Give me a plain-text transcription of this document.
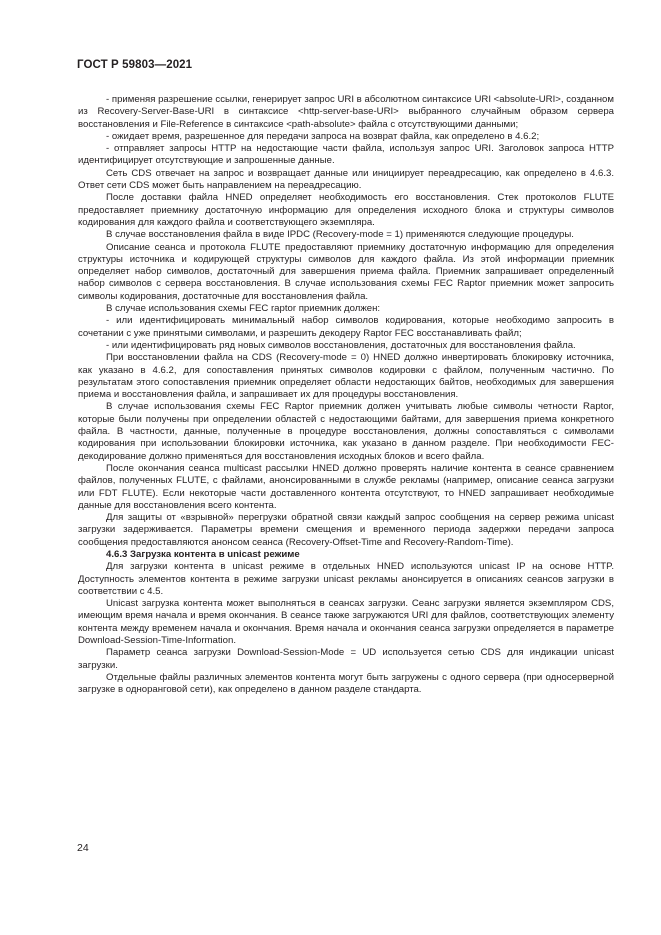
ГОСТ Р 59803—2021

- применяя разрешение ссылки, генерирует запрос URI в абсолютном синтаксисе URI <absolute-URI>, созданном из Recovery-Server-Base-URI в синтаксисе <http-server-base-URI> выбранного случайным образом сервера восстановления и File-Reference в синтаксисе <path-absolute> файла с отсутствующими данными;

- ожидает время, разрешенное для передачи запроса на возврат файла, как определено в 4.6.2;

- отправляет запросы HTTP на недостающие части файла, используя запрос URI. Заголовок запроса HTTP идентифицирует отсутствующие и запрошенные данные.

Сеть CDS отвечает на запрос и возвращает данные или инициирует переадресацию, как определено в 4.6.3. Ответ сети CDS может быть направлением на переадресацию.

После доставки файла HNED определяет необходимость его восстановления. Стек протоколов FLUTE предоставляет приемнику достаточную информацию для определения исходного блока и структуры символов кодирования для каждого файла и соответствующего экземпляра.

В случае восстановления файла в виде IPDC (Recovery-mode = 1) применяются следующие процедуры.

Описание сеанса и протокола FLUTE предоставляют приемнику достаточную информацию для определения структуры источника и кодирующей структуры символов для каждого файла. Из этой информации приемник определяет набор символов, достаточный для завершения приема файла. Приемник запрашивает определенный набор символов с сервера восстановления. В случае использования схемы FEC Raptor приемник может запросить символы кодирования, достаточные для восстановления файла.

В случае использования схемы FEC raptor приемник должен:

- или идентифицировать минимальный набор символов кодирования, которые необходимо запросить в сочетании с уже принятыми символами, и разрешить декодеру Raptor FEC восстанавливать файл;

- или идентифицировать ряд новых символов восстановления, достаточных для восстановления файла.

При восстановлении файла на CDS (Recovery-mode = 0) HNED должно инвертировать блокировку источника, как указано в 4.6.2, для сопоставления принятых символов кодировки с файлом, полученным частично. По результатам этого сопоставления приемник определяет области недостающих байтов, необходимых для завершения приема и восстановления файла, и запрашивает их для процедуры восстановления.

В случае использования схемы FEC Raptor приемник должен учитывать любые символы четности Raptor, которые были получены при определении областей с недостающими байтами, для завершения приема конкретного файла. В частности, данные, полученные в процедуре восстановления, должны сопоставляться с символами кодирования при использовании блокировки источника, как указано в данном разделе. При необходимости FEC-декодирование должно применяться для восстановления исходных блоков и всего файла.

После окончания сеанса multicast рассылки HNED должно проверять наличие контента в сеансе сравнением файлов, полученных FLUTE, с файлами, анонсированными в службе рекламы (например, описание сеанса загрузки или FDT FLUTE). Если некоторые части доставленного контента отсутствуют, то HNED запрашивает необходимые данные для восстановления всего контента.

Для защиты от «взрывной» перегрузки обратной связи каждый запрос сообщения на сервер режима unicast загрузки задерживается. Параметры времени смещения и временного периода задержки передачи запроса сообщения предоставляются анонсом сеанса (Recovery-Offset-Time and Recovery-Random-Time).

4.6.3 Загрузка контента в unicast режиме

Для загрузки контента в unicast режиме в отдельных HNED используются unicast IP на основе HTTP. Доступность элементов контента в режиме загрузки unicast рекламы анонсируется в описаниях сеансов загрузки в соответствии с 4.5.

Unicast загрузка контента может выполняться в сеансах загрузки. Сеанс загрузки является экземпляром CDS, имеющим время начала и время окончания. В сеансе также загружаются URI для файлов, соответствующих элементу контента между временем начала и окончания. Время начала и окончания сеанса загрузки определяется в параметре Download-Session-Time-Information.

Параметр сеанса загрузки Download-Session-Mode = UD используется сетью CDS для индикации unicast загрузки.

Отдельные файлы различных элементов контента могут быть загружены с одного сервера (при односерверной загрузке в одноранговой сети), как определено в данном разделе стандарта.

24
